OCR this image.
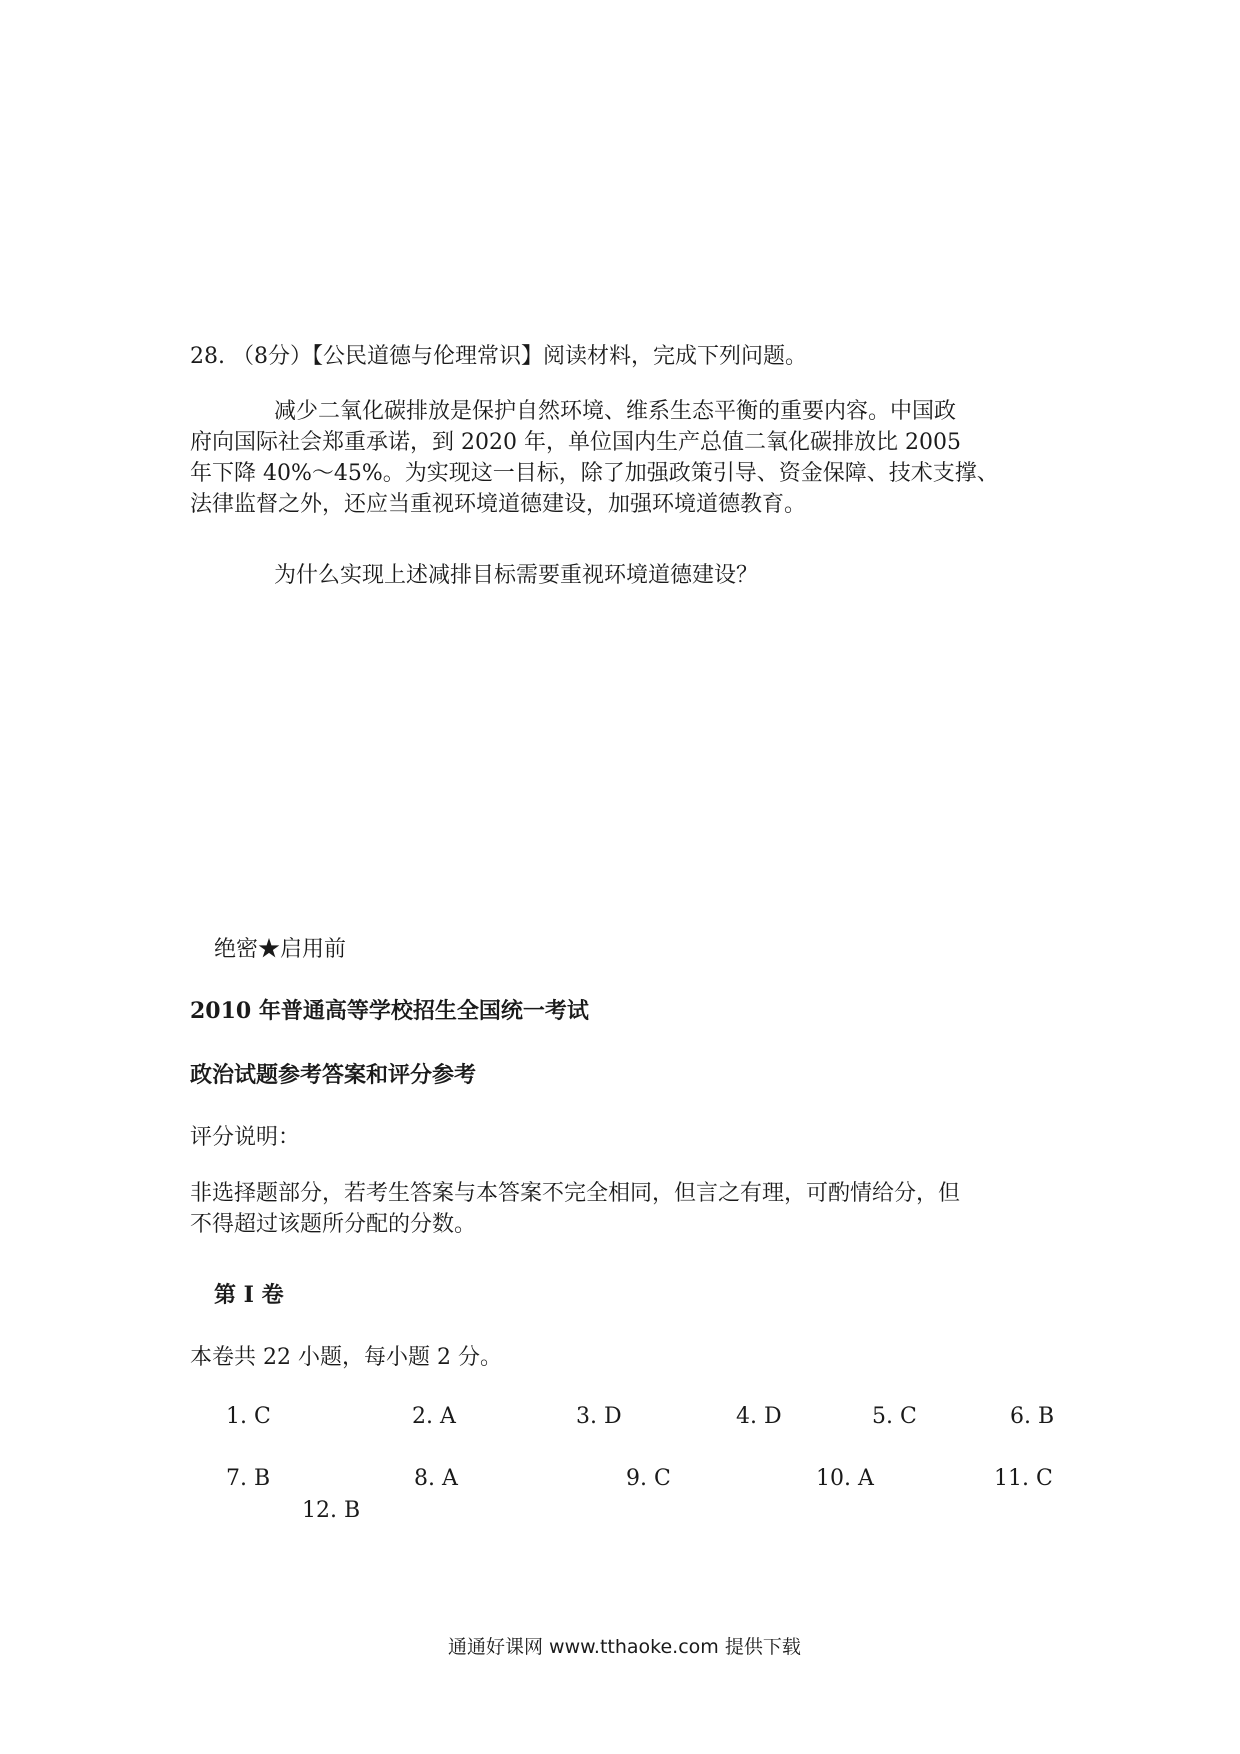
28. （8分）【公民道德与伦理常识】阅读材料，完成下列问题。
减少二氧化碳排放是保护自然环境、维系生态平衡的重要内容。中国政
府向国际社会郑重承诺，到 2020 年，单位国内生产总值二氧化碳排放比 2005
年下降 40%～45%。为实现这一目标，除了加强政策引导、资金保障、技术支撑、
法律监督之外，还应当重视环境道德建设，加强环境道德教育。
为什么实现上述减排目标需要重视环境道德建设？
绝密★启用前
2010 年普通高等学校招生全国统一考试
政治试题参考答案和评分参考
评分说明：
非选择题部分，若考生答案与本答案不完全相同，但言之有理，可酌情给分，但
不得超过该题所分配的分数。
第 I 卷
本卷共 22 小题，每小题 2 分。
1. C	2. A	3. D	4. D	5. C	6. B
7. B	8. A	9. C	10. A	11. C
12. B
通通好课网 www.tthaoke.com 提供下载
